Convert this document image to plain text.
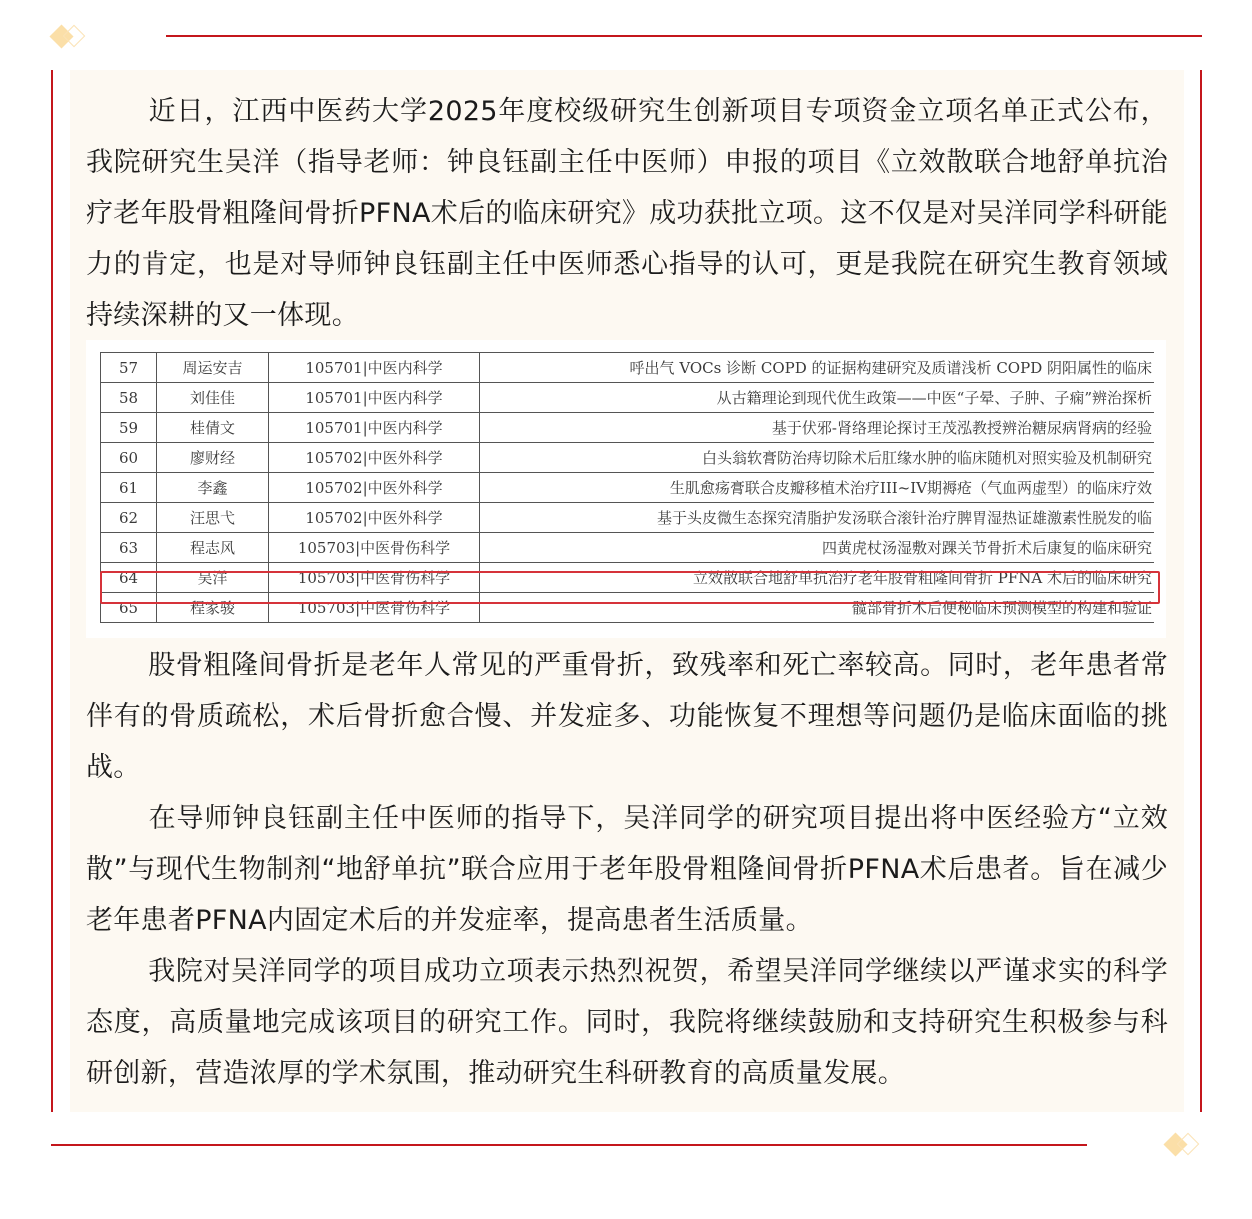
近日，江西中医药大学2025年度校级研究生创新项目专项资金立项名单正式公布，我院研究生吴洋（指导老师：钟良钰副主任中医师）申报的项目《立效散联合地舒单抗治疗老年股骨粗隆间骨折PFNA术后的临床研究》成功获批立项。这不仅是对吴洋同学科研能力的肯定，也是对导师钟良钰副主任中医师悉心指导的认可，更是我院在研究生教育领域持续深耕的又一体现。

57	周运安吉	105701|中医内科学	呼出气 VOCs 诊断 COPD 的证据构建研究及质谱浅析 COPD 阴阳属性的临床
58	刘佳佳	105701|中医内科学	从古籍理论到现代优生政策——中医“子晕、子肿、子痫”辨治探析
59	桂倩文	105701|中医内科学	基于伏邪-肾络理论探讨王茂泓教授辨治糖尿病肾病的经验
60	廖财经	105702|中医外科学	白头翁软膏防治痔切除术后肛缘水肿的临床随机对照实验及机制研究
61	李鑫	105702|中医外科学	生肌愈疡膏联合皮瓣移植术治疗III~IV期褥疮（气血两虚型）的临床疗效
62	汪思弋	105702|中医外科学	基于头皮微生态探究清脂护发汤联合滚针治疗脾胃湿热证雄激素性脱发的临
63	程志风	105703|中医骨伤科学	四黄虎杖汤湿敷对踝关节骨折术后康复的临床研究
64	吴洋	105703|中医骨伤科学	立效散联合地舒单抗治疗老年股骨粗隆间骨折 PFNA 术后的临床研究
65	程家骏	105703|中医骨伤科学	髋部骨折术后便秘临床预测模型的构建和验证

股骨粗隆间骨折是老年人常见的严重骨折，致残率和死亡率较高。同时，老年患者常伴有的骨质疏松，术后骨折愈合慢、并发症多、功能恢复不理想等问题仍是临床面临的挑战。

在导师钟良钰副主任中医师的指导下，吴洋同学的研究项目提出将中医经验方“立效散”与现代生物制剂“地舒单抗”联合应用于老年股骨粗隆间骨折PFNA术后患者。旨在减少老年患者PFNA内固定术后的并发症率，提高患者生活质量。

我院对吴洋同学的项目成功立项表示热烈祝贺，希望吴洋同学继续以严谨求实的科学态度，高质量地完成该项目的研究工作。同时，我院将继续鼓励和支持研究生积极参与科研创新，营造浓厚的学术氛围，推动研究生科研教育的高质量发展。
